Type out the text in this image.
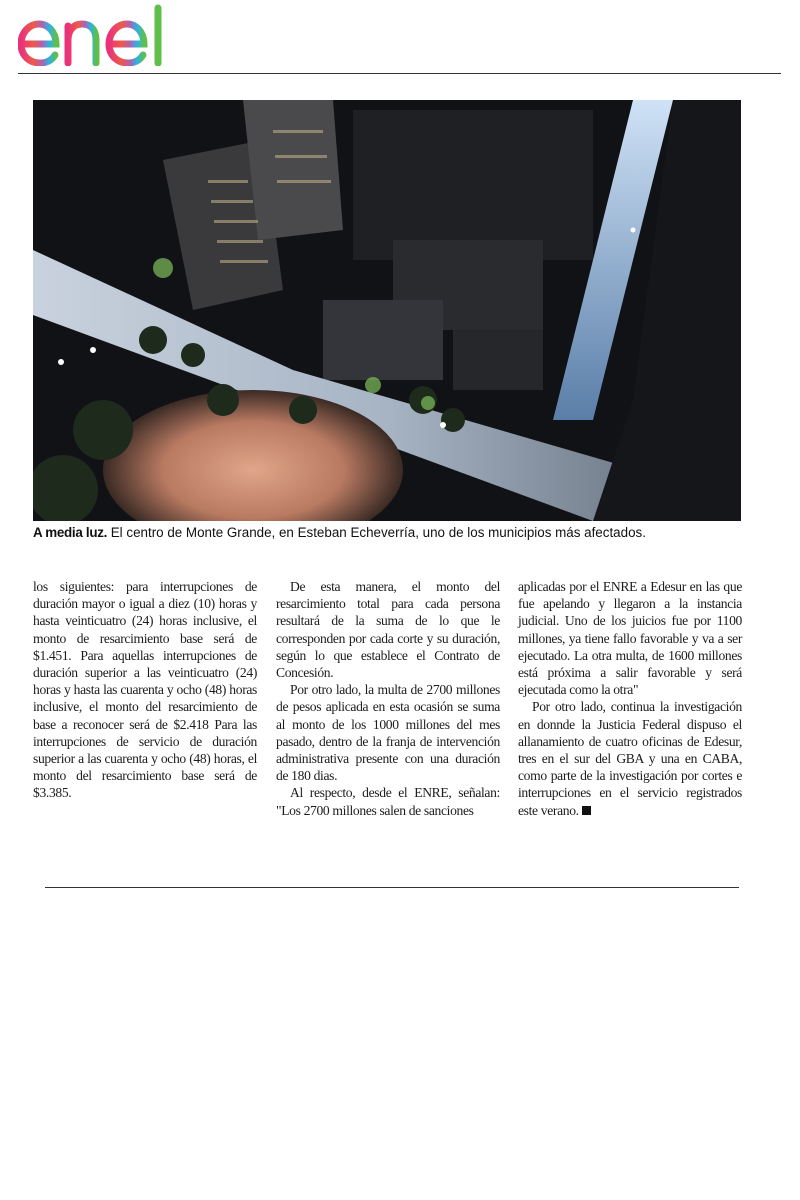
A media luz. El centro de Monte Grande, en Esteban Echeverría, uno de los municipios más afectados.

los siguientes: para interrupciones de duración mayor o igual a diez (10) horas y hasta veinticuatro (24) horas inclusive, el monto de resarcimiento base será de $1.451. Para aquellas interrupciones de duración superior a las veinticuatro (24) horas y hasta las cuarenta y ocho (48) horas inclusive, el monto del resarcimiento de base a reconocer será de $2.418 Para las interrupciones de servicio de duración superior a las cuarenta y ocho (48) horas, el monto del resarcimiento base será de $3.385.

De esta manera, el monto del resarcimiento total para cada persona resultará de la suma de lo que le corresponden por cada corte y su duración, según lo que establece el Contrato de Concesión.

Por otro lado, la multa de 2700 millones de pesos aplicada en esta ocasión se suma al monto de los 1000 millones del mes pasado, dentro de la franja de intervención administrativa presente con una duración de 180 dias.

Al respecto, desde el ENRE, señalan: "Los 2700 millones salen de sanciones

aplicadas por el ENRE a Edesur en las que fue apelando y llegaron a la instancia judicial. Uno de los juicios fue por 1100 millones, ya tiene fallo favorable y va a ser ejecutado. La otra multa, de 1600 millones está próxima a salir favorable y será ejecutada como la otra"

Por otro lado, continua la investigación en donnde la Justicia Federal dispuso el allanamiento de cuatro oficinas de Edesur, tres en el sur del GBA y una en CABA, como parte de la investigación por cortes e interrupciones en el servicio registrados este verano.
